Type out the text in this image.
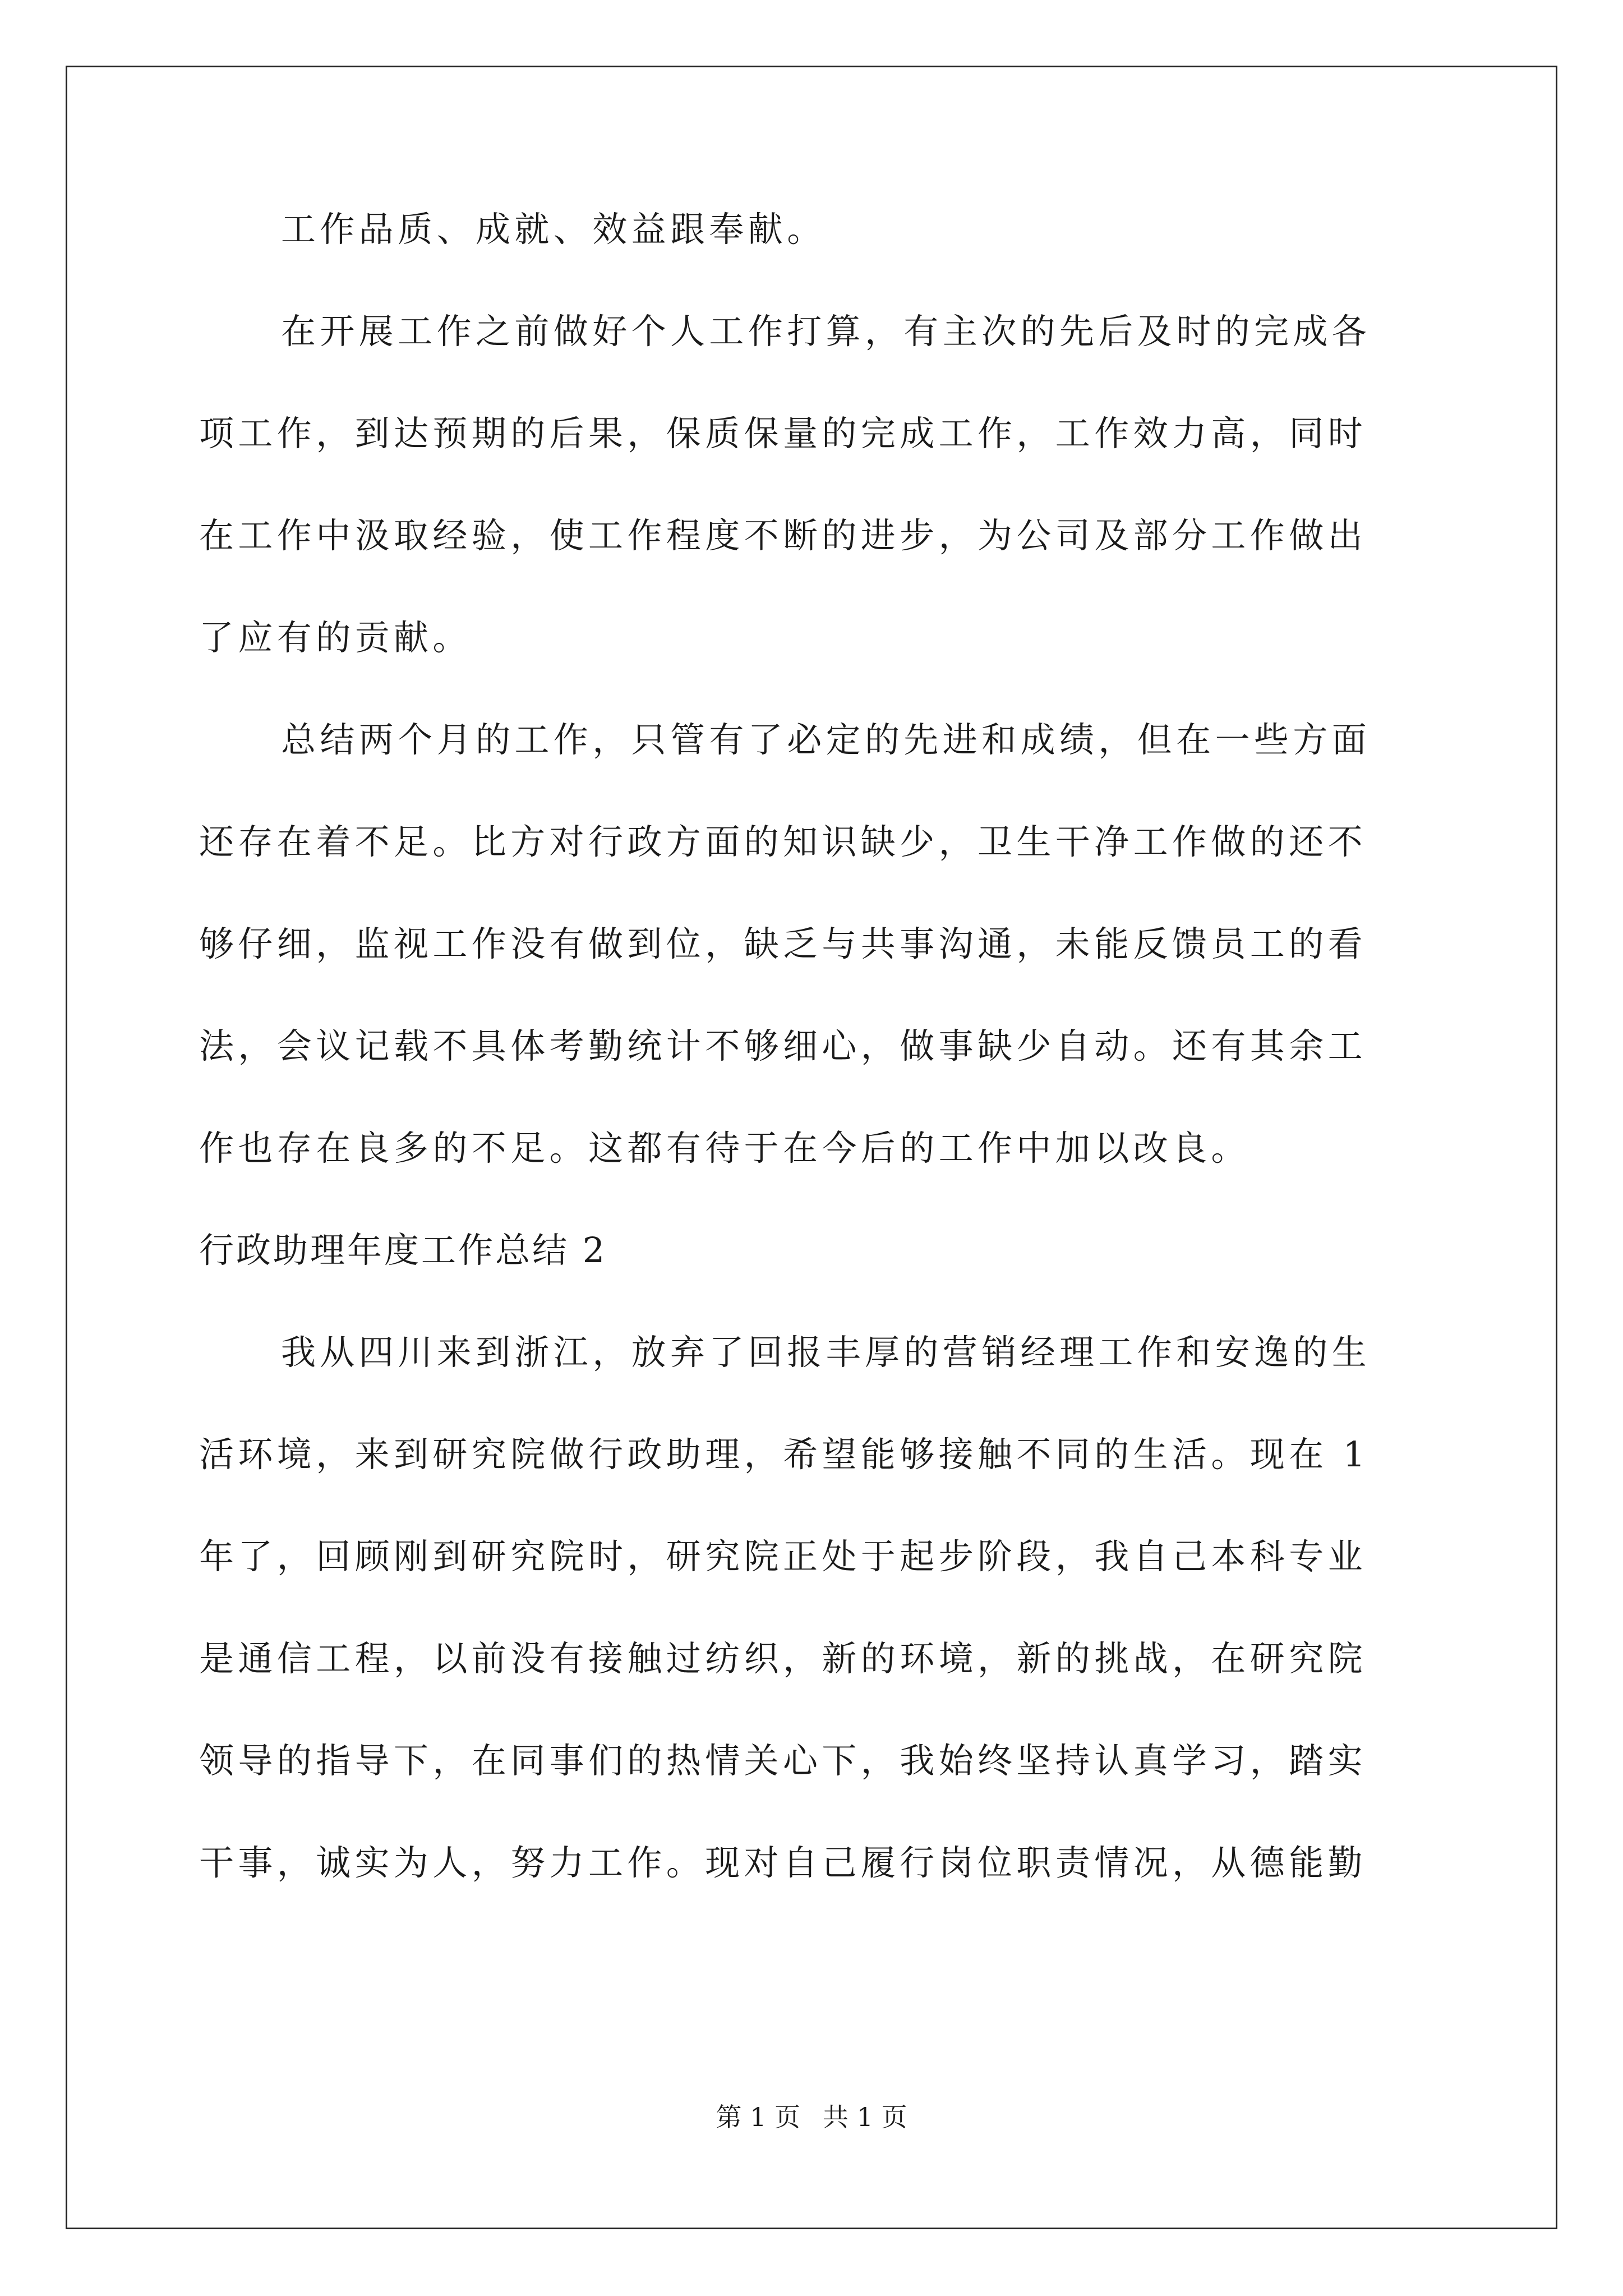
工作品质、成就、效益跟奉献。
在开展工作之前做好个人工作打算，有主次的先后及时的完成各
项工作，到达预期的后果，保质保量的完成工作，工作效力高，同时
在工作中汲取经验，使工作程度不断的进步，为公司及部分工作做出
了应有的贡献。
总结两个月的工作，只管有了必定的先进和成绩，但在一些方面
还存在着不足。比方对行政方面的知识缺少，卫生干净工作做的还不
够仔细，监视工作没有做到位，缺乏与共事沟通，未能反馈员工的看
法，会议记载不具体考勤统计不够细心，做事缺少自动。还有其余工
作也存在良多的不足。这都有待于在今后的工作中加以改良。
行政助理年度工作总结 2
我从四川来到浙江，放弃了回报丰厚的营销经理工作和安逸的生
活环境，来到研究院做行政助理，希望能够接触不同的生活。现在 1
年了，回顾刚到研究院时，研究院正处于起步阶段，我自己本科专业
是通信工程，以前没有接触过纺织，新的环境，新的挑战，在研究院
领导的指导下，在同事们的热情关心下，我始终坚持认真学习，踏实
干事，诚实为人，努力工作。现对自己履行岗位职责情况，从德能勤
第 1 页 共 1 页
